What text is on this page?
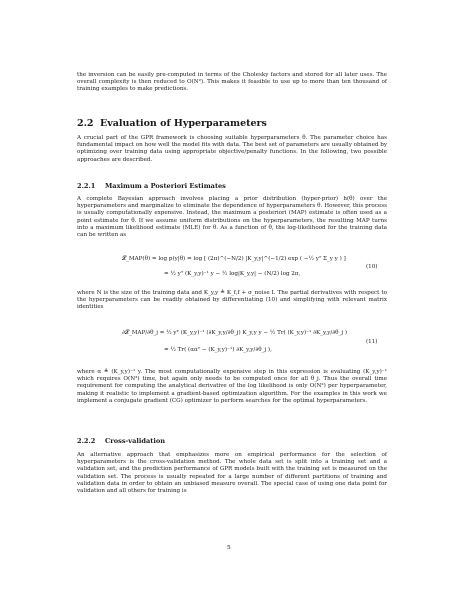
the inversion can be easily pre-computed in terms of the Cholesky factors and stored for all later uses. The overall complexity is then reduced to O(N²). This makes it feasible to use up to more than ten thousand of training examples to make predictions.

2.2 Evaluation of Hyperparameters

A crucial part of the GPR framework is choosing suitable hyperparameters θ. The parameter choice has fundamental impact on how well the model fits with data. The best set of parameters are usually obtained by optimizing over training data using appropriate objective/penalty functions. In the following, two possible approaches are described.

2.2.1 Maximum a Posteriori Estimates

A complete Bayesian approach involves placing a prior distribution (hyper-prior) h(θ) over the hyperparameters and marginalize to eliminate the dependence of hyperparameters θ. However, this process is usually computationally expensive. Instead, the maximum a posteriori (MAP) estimate is often used as a point estimate for θ. If we assume uniform distributions on the hyperparameters, the resulting MAP turns into a maximum likelihood estimate (MLE) for θ. As a function of θ, the log-likelihood for the training data can be written as

𝓛_MAP(θ) = log p(y|θ) = log [ (2π)^(−N/2) |K_y,y|^(−1/2) exp ( −½ yᵀ Σ_y y ) ]
= ½ yᵀ (K_y,y)⁻¹ y − ½ log|K_y,y| − (N/2) log 2π,
(10)

where N is the size of the training data and K_y,y ≜ K_f,f + σ_noise I. The partial derivatives with respect to the hyperparameters can be readily obtained by differentiating (10) and simplifying with relevant matrix identities

∂𝓛_MAP/∂θ_j = ½ yᵀ (K_y,y)⁻¹ (∂K_y,y/∂θ_j) K_y,y y − ½ Tr( (K_y,y)⁻¹ ∂K_y,y/∂θ_j )
= ½ Tr( (ααᵀ − (K_y,y)⁻¹) ∂K_y,y/∂θ_j ),
(11)

where α ≜ (K_y,y)⁻¹ y. The most computationally expensive step in this expression is evaluating (K_y,y)⁻¹ which requires O(N³) time, but again only needs to be computed once for all θ_j. Thus the overall time requirement for computing the analytical derivative of the log likelihood is only O(N²) per hyperparameter, making it realistic to implement a gradient-based optimization algorithm. For the examples in this work we implement a conjugate gradient (CG) optimizer to perform searches for the optimal hyperparameters.

2.2.2 Cross-validation

An alternative approach that emphasizes more on empirical performance for the selection of hyperparameters is the cross-validation method. The whole data set is split into a training set and a validation set, and the prediction performance of GPR models built with the training set is measured on the validation set. The process is usually repeated for a large number of different partitions of training and validation data in order to obtain an unbiased measure overall. The special case of using one data point for validation and all others for training is

5
